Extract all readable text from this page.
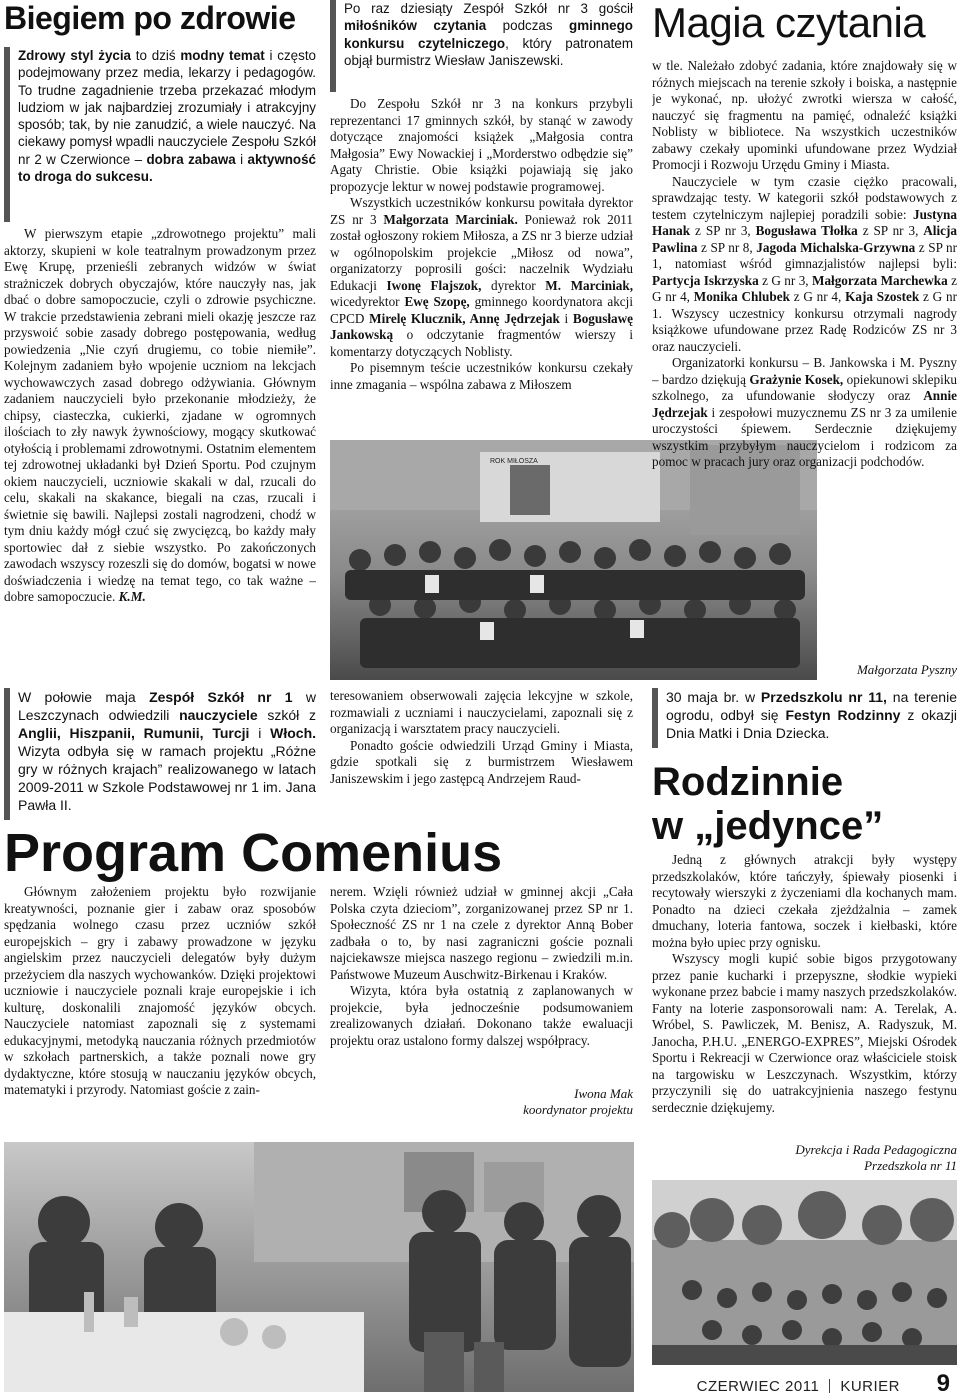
Biegiem po zdrowie
Zdrowy styl życia to dziś modny temat i często podejmowany przez media, lekarzy i pedagogów. To trudne zagadnienie trzeba przekazać młodym ludziom w jak najbardziej zrozumiały i atrakcyjny sposób; tak, by nie zanudzić, a wiele nauczyć. Na ciekawy pomysł wpadli nauczyciele Zespołu Szkół nr 2 w Czerwionce – dobra zabawa i aktywność to droga do sukcesu.

W pierwszym etapie „zdrowotnego projektu” mali aktorzy, skupieni w kole teatralnym prowadzonym przez Ewę Krupę, przenieśli zebranych widzów w świat strażniczek dobrych obyczajów, które nauczyły nas, jak dbać o dobre samopoczucie, czyli o zdrowie psychiczne. W trakcie przedstawienia zebrani mieli okazję jeszcze raz przyswoić sobie zasady dobrego postępowania, według powiedzenia „Nie czyń drugiemu, co tobie niemiłe”. Kolejnym zadaniem było wpojenie uczniom na lekcjach wychowawczych zasad dobrego odżywiania. Głównym zadaniem nauczycieli było przekonanie młodzieży, że chipsy, ciasteczka, cukierki, zjadane w ogromnych ilościach to zły nawyk żywnościowy, mogący skutkować otyłością i problemami zdrowotnymi. Ostatnim elementem tej zdrowotnej układanki był Dzień Sportu. Pod czujnym okiem nauczycieli, uczniowie skakali w dal, rzucali do celu, skakali na skakance, biegali na czas, rzucali i świetnie się bawili. Najlepsi zostali nagrodzeni, chodź w tym dniu każdy mógł czuć się zwycięzcą, bo każdy mały sportowiec dał z siebie wszystko. Po zakończonych zawodach wszyscy rozeszli się do domów, bogatsi w nowe doświadczenia i wiedzę na temat tego, co tak ważne – dobre samopoczucie. K.M.

Po raz dziesiąty Zespół Szkół nr 3 gościł miłośników czytania podczas gminnego konkursu czytelniczego, który patronatem objął burmistrz Wiesław Janiszewski.
Magia czytania

Do Zespołu Szkół nr 3 na konkurs przybyli reprezentanci 17 gminnych szkół, by stanąć w zawody dotyczące znajomości książek „Małgosia contra Małgosia” Ewy Nowackiej i „Morderstwo odbędzie się” Agaty Christie. Obie książki pojawiają się jako propozycje lektur w nowej podstawie programowej.

Wszystkich uczestników konkursu powitała dyrektor ZS nr 3 Małgorzata Marciniak. Ponieważ rok 2011 został ogłoszony rokiem Miłosza, a ZS nr 3 bierze udział w ogólnopolskim projekcie „Miłosz od nowa”, organizatorzy poprosili gości: naczelnik Wydziału Edukacji Iwonę Flajszok, dyrektor M. Marciniak, wicedyrektor Ewę Szopę, gminnego koordynatora akcji CPCD Mirelę Klucznik, Annę Jędrzejak i Bogusławę Jankowską o odczytanie fragmentów wierszy i komentarzy dotyczących Noblisty.

Po pisemnym teście uczestników konkursu czekały inne zmagania – wspólna zabawa z Miłoszem

ROK MIŁOSZA

w tle. Należało zdobyć zadania, które znajdowały się w różnych miejscach na terenie szkoły i boiska, a następnie je wykonać, np. ułożyć zwrotki wiersza w całość, nauczyć się fragmentu na pamięć, odnaleźć książki Noblisty w bibliotece. Na wszystkich uczestników zabawy czekały upominki ufundowane przez Wydział Promocji i Rozwoju Urzędu Gminy i Miasta.

Nauczyciele w tym czasie ciężko pracowali, sprawdzając testy. W kategorii szkół podstawowych z testem czytelniczym najlepiej poradzili sobie: Justyna Hanak z SP nr 3, Bogusława Tłołka z SP nr 3, Alicja Pawlina z SP nr 8, Jagoda Michalska-Grzywna z SP nr 1, natomiast wśród gimnazjalistów najlepsi byli: Partycja Iskrzyska z G nr 3, Małgorzata Marchewka z G nr 4, Monika Chlubek z G nr 4, Kaja Szostek z G nr 1. Wszyscy uczestnicy konkursu otrzymali nagrody książkowe ufundowane przez Radę Rodziców ZS nr 3 oraz nauczycieli.

Organizatorki konkursu – B. Jankowska i M. Pyszny – bardzo dziękują Grażynie Kosek, opiekunowi sklepiku szkolnego, za ufundowanie słodyczy oraz Annie Jędrzejak i zespołowi muzycznemu ZS nr 3 za umilenie uroczystości śpiewem. Serdecznie dziękujemy wszystkim przybyłym nauczycielom i rodzicom za pomoc w pracach jury oraz organizacji podchodów.

Małgorzata Pyszny
W połowie maja Zespół Szkół nr 1 w Leszczynach odwiedzili nauczyciele szkół z Anglii, Hiszpanii, Rumunii, Turcji i Włoch. Wizyta odbyła się w ramach projektu „Różne gry w różnych krajach” realizowanego w latach 2009-2011 w Szkole Podstawowej nr 1 im. Jana Pawła II.

teresowaniem obserwowali zajęcia lekcyjne w szkole, rozmawiali z uczniami i nauczycielami, zapoznali się z organizacją i warsztatem pracy nauczycieli.

Ponadto goście odwiedzili Urząd Gminy i Miasta, gdzie spotkali się z burmistrzem Wiesławem Janiszewskim i jego zastępcą Andrzejem Raud-

Program Comenius

Głównym założeniem projektu było rozwijanie kreatywności, poznanie gier i zabaw oraz sposobów spędzania wolnego czasu przez uczniów szkół europejskich – gry i zabawy prowadzone w języku angielskim przez nauczycieli delegatów były dużym przeżyciem dla naszych wychowanków. Dzięki projektowi uczniowie i nauczyciele poznali kraje europejskie i ich kulturę, doskonalili znajomość języków obcych. Nauczyciele natomiast zapoznali się z systemami edukacyjnymi, metodyką nauczania różnych przedmiotów w szkołach partnerskich, a także poznali nowe gry dydaktyczne, które stosują w nauczaniu języków obcych, matematyki i przyrody. Natomiast goście z zain-

nerem. Wzięli również udział w gminnej akcji „Cała Polska czyta dzieciom”, zorganizowanej przez SP nr 1. Społeczność ZS nr 1 na czele z dyrektor Anną Bober zadbała o to, by nasi zagraniczni goście poznali najciekawsze miejsca naszego regionu – zwiedzili m.in. Państwowe Muzeum Auschwitz-Birkenau i Kraków.

Wizyta, która była ostatnią z zaplanowanych w projekcie, była jednocześnie podsumowaniem zrealizowanych działań. Dokonano także ewaluacji projektu oraz ustalono formy dalszej współpracy.

Iwona Mak
koordynator projektu
30 maja br. w Przedszkolu nr 11, na terenie ogrodu, odbył się Festyn Rodzinny z okazji Dnia Matki i Dnia Dziecka.
Rodzinnie
w „jedynce”

Jedną z głównych atrakcji były występy przedszkolaków, które tańczyły, śpiewały piosenki i recytowały wierszyki z życzeniami dla kochanych mam. Ponadto na dzieci czekała zjeżdżalnia – zamek dmuchany, loteria fantowa, soczek i kiełbaski, które można było upiec przy ognisku.

Wszyscy mogli kupić sobie bigos przygotowany przez panie kucharki i przepyszne, słodkie wypieki wykonane przez babcie i mamy naszych przedszkolaków. Fanty na loterie zasponsorowali nam: A. Terelak, A. Wróbel, S. Pawliczek, M. Benisz, A. Radyszuk, M. Janocha, P.H.U. „ENERGO-EXPRES”, Miejski Ośrodek Sportu i Rekreacji w Czerwionce oraz właściciele stoisk na targowisku w Leszczynach. Wszystkim, którzy przyczynili się do uatrakcyjnienia naszego festynu serdecznie dziękujemy.

Dyrekcja i Rada Pedagogiczna
Przedszkola nr 11
CZERWIEC 2011 KURIER 9
